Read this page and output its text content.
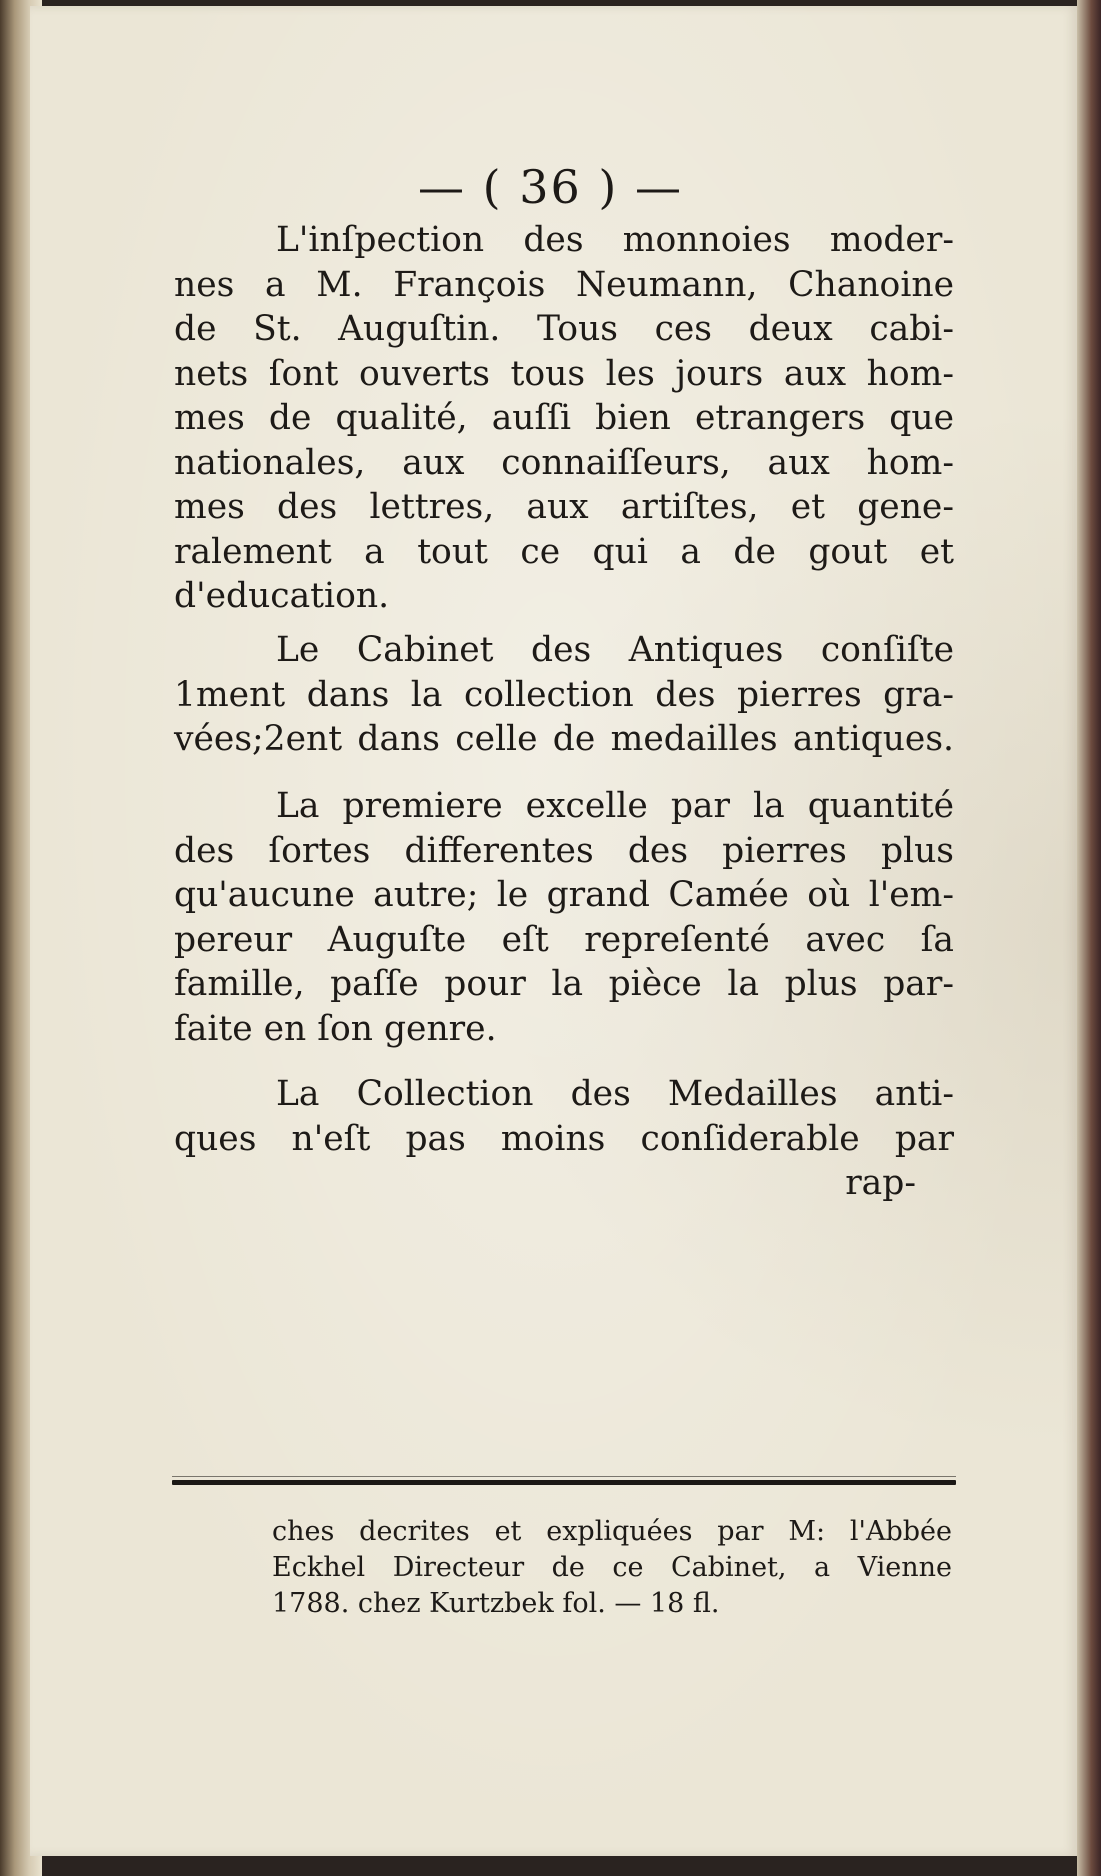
— ( 36 ) —
L'inſpection des monnoies moder-
nes a M. François Neumann, Chanoine
de St. Auguſtin. Tous ces deux cabi-
nets ſont ouverts tous les jours aux hom-
mes de qualité, auſſi bien etrangers que
nationales, aux connaiſſeurs, aux hom-
mes des lettres, aux artiſtes, et gene-
ralement a tout ce qui a de gout et
d'education.
Le Cabinet des Antiques conſiſte
1ment dans la collection des pierres gra-
vées;2ent dans celle de medailles antiques.
La premiere excelle par la quantité
des ſortes differentes des pierres plus
qu'aucune autre; le grand Camée où l'em-
pereur Auguſte eſt repreſenté avec ſa
famille, paſſe pour la pièce la plus par-
faite en ſon genre.
La Collection des Medailles anti-
ques n'eſt pas moins conſiderable par
rap-
ches decrites et expliquées par M: l'Abbée
Eckhel Directeur de ce Cabinet, a Vienne
1788. chez Kurtzbek fol. — 18 fl.
